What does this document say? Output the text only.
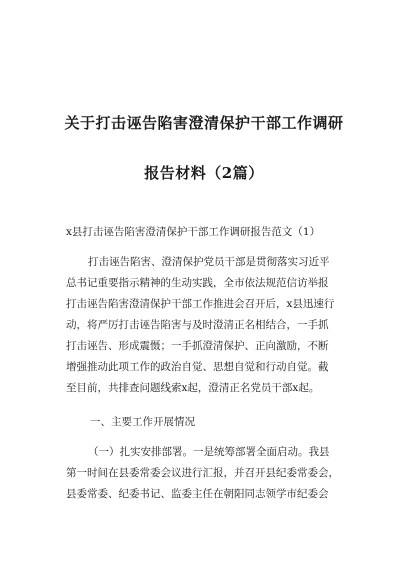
关于打击诬告陷害澄清保护干部工作调研
报告材料（2篇）
x县打击诬告陷害澄清保护干部工作调研报告范文（1）
打击诬告陷害、澄清保护党员干部是贯彻落实习近平
总书记重要指示精神的生动实践，全市依法规范信访举报
打击诬告陷害澄清保护干部工作推进会召开后，x县迅速行
动，将严厉打击诬告陷害与及时澄清正名相结合，一手抓
打击诬告、形成震慑；一手抓澄清保护、正向激励，不断
增强推动此项工作的政治自觉、思想自觉和行动自觉。截
至目前，共排查问题线索x起，澄清正名党员干部x起。
一、主要工作开展情况
（一）扎实安排部署。一是统筹部署全面启动。我县
第一时间在县委常委会议进行汇报，并召开县纪委常委会，
县委常委、纪委书记、监委主任在朝阳同志领学市纪委会
